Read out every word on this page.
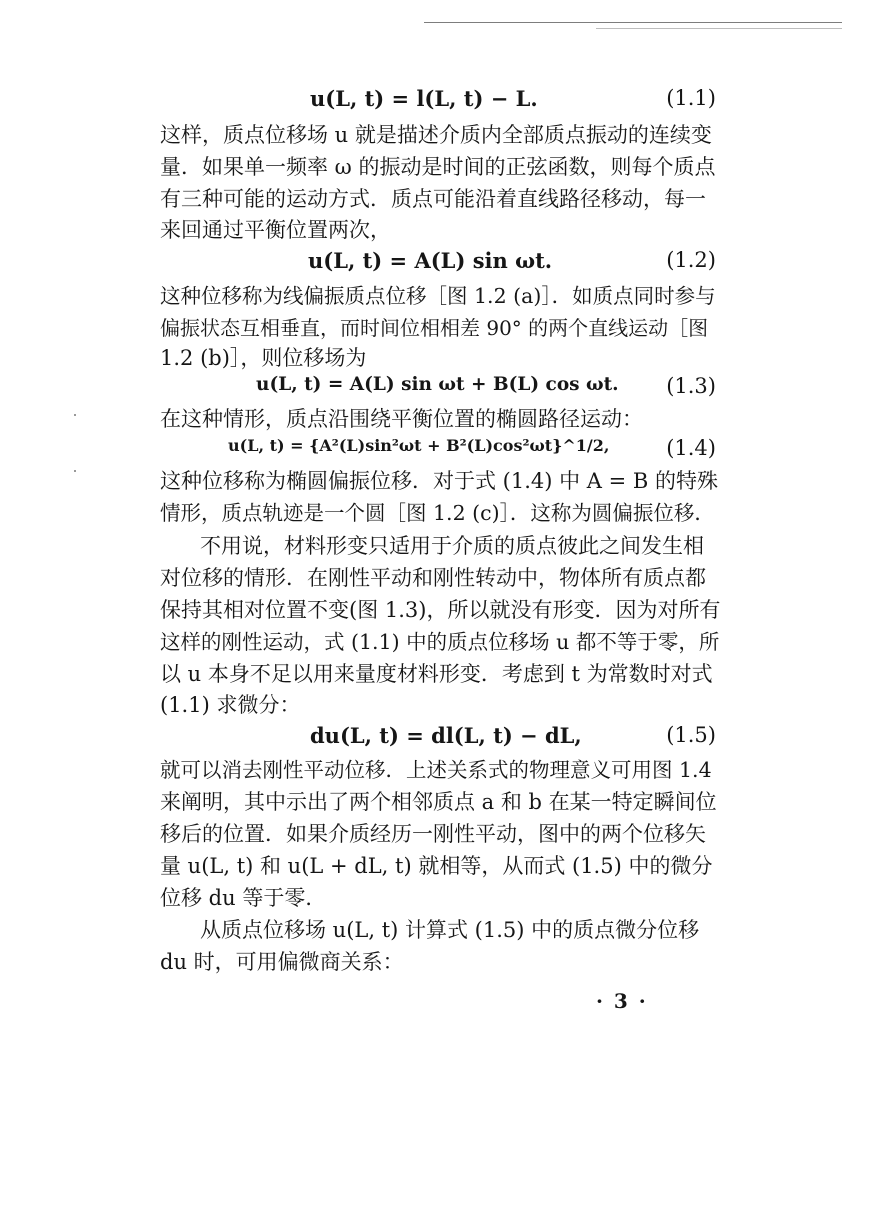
u(L, t) = l(L, t) − L.	(1.1)
这样，质点位移场 u 就是描述介质内全部质点振动的连续变
量．如果单一频率 ω 的振动是时间的正弦函数，则每个质点
有三种可能的运动方式．质点可能沿着直线路径移动，每一
来回通过平衡位置两次，
u(L, t) = A(L) sin ωt.	(1.2)
这种位移称为线偏振质点位移［图 1.2 (a)］．如质点同时参与
偏振状态互相垂直，而时间位相相差 90° 的两个直线运动［图
1.2 (b)］，则位移场为
u(L, t) = A(L) sin ωt + B(L) cos ωt. (1.3)
在这种情形，质点沿围绕平衡位置的椭圆路径运动：
u(L, t) = {A²(L)sin²ωt + B²(L)cos²ωt}^1/2,	(1.4)
这种位移称为椭圆偏振位移．对于式 (1.4) 中 A = B 的特殊
情形，质点轨迹是一个圆［图 1.2 (c)］．这称为圆偏振位移．
不用说，材料形变只适用于介质的质点彼此之间发生相
对位移的情形．在刚性平动和刚性转动中，物体所有质点都
保持其相对位置不变(图 1.3)，所以就没有形变．因为对所有
这样的刚性运动，式 (1.1) 中的质点位移场 u 都不等于零，所
以 u 本身不足以用来量度材料形变．考虑到 t 为常数时对式
(1.1) 求微分：
du(L, t) = dl(L, t) − dL,	(1.5)
就可以消去刚性平动位移．上述关系式的物理意义可用图 1.4
来阐明，其中示出了两个相邻质点 a 和 b 在某一特定瞬间位
移后的位置．如果介质经历一刚性平动，图中的两个位移矢
量 u(L, t) 和 u(L + dL, t) 就相等，从而式 (1.5) 中的微分
位移 du 等于零．
从质点位移场 u(L, t) 计算式 (1.5) 中的质点微分位移
du 时，可用偏微商关系：
· 3 ·
